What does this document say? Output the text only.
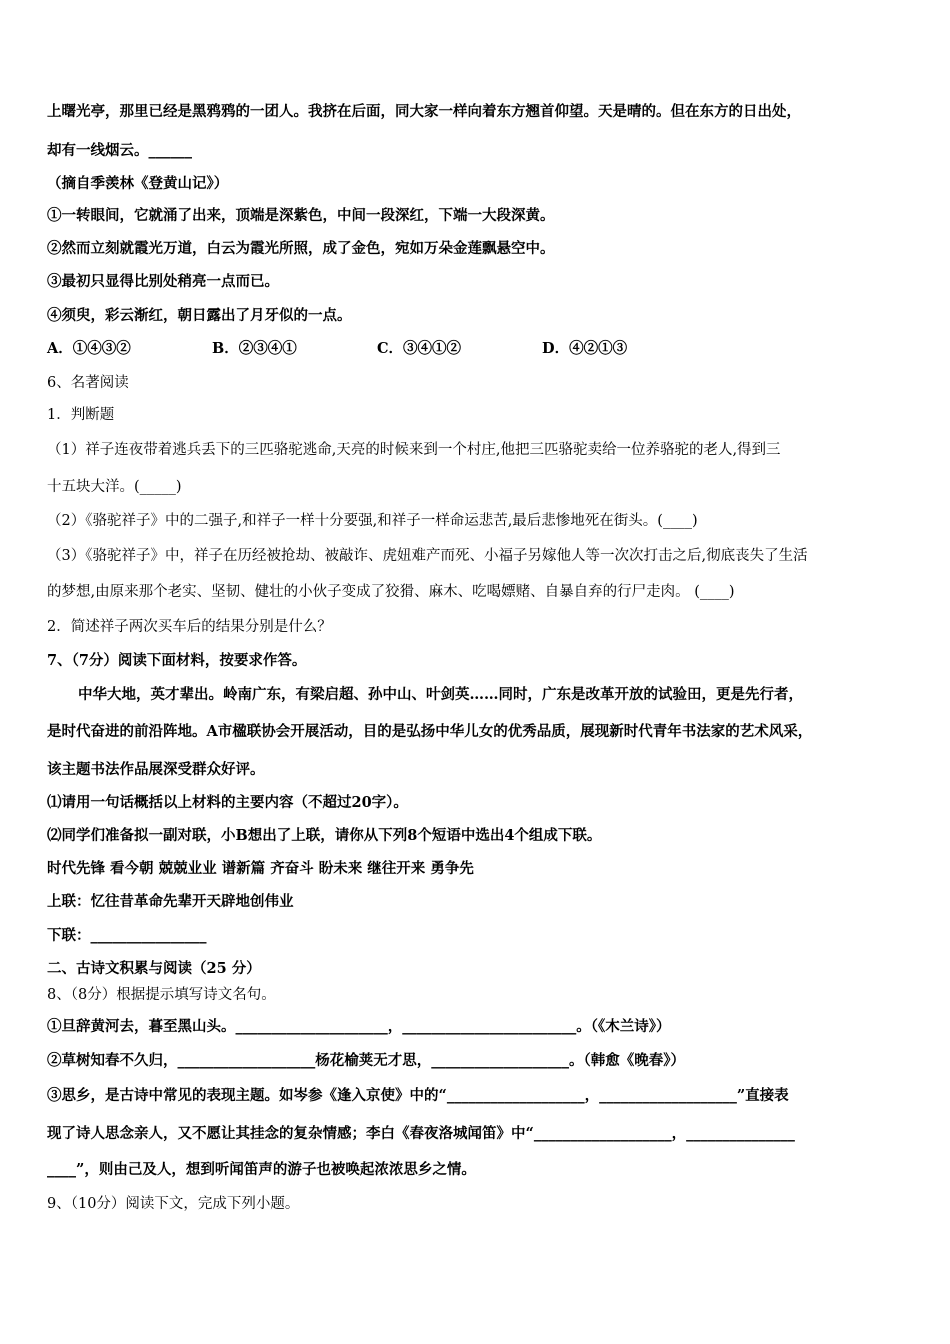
上曙光亭，那里已经是黑鸦鸦的一团人。我挤在后面，同大家一样向着东方翘首仰望。天是晴的。但在东方的日出处，
却有一线烟云。______
（摘自季羡林《登黄山记》）
①一转眼间，它就涌了出来，顶端是深紫色，中间一段深红，下端一大段深黄。
②然而立刻就霞光万道，白云为霞光所照，成了金色，宛如万朵金莲飘悬空中。
③最初只显得比别处稍亮一点而已。
④须臾，彩云渐红，朝日露出了月牙似的一点。
A．①④③②	B．②③④①	C．③④①②	D．④②①③
6、名著阅读
1．判断题
（1）祥子连夜带着逃兵丢下的三匹骆驼逃命,天亮的时候来到一个村庄,他把三匹骆驼卖给一位养骆驼的老人,得到三
十五块大洋。(_____)
（2）《骆驼祥子》中的二强子,和祥子一样十分要强,和祥子一样命运悲苦,最后悲惨地死在街头。(____)
（3）《骆驼祥子》中，祥子在历经被抢劫、被敲诈、虎妞难产而死、小福子另嫁他人等一次次打击之后,彻底丧失了生活
的梦想,由原来那个老实、坚韧、健壮的小伙子变成了狡猾、麻木、吃喝嫖赌、自暴自弃的行尸走肉。 (____)
2．简述祥子两次买车后的结果分别是什么？
7、（7分）阅读下面材料，按要求作答。
中华大地，英才辈出。岭南广东，有梁启超、孙中山、叶剑英……同时，广东是改革开放的试验田，更是先行者，
是时代奋进的前沿阵地。A市楹联协会开展活动，目的是弘扬中华儿女的优秀品质，展现新时代青年书法家的艺术风采，
该主题书法作品展深受群众好评。
⑴请用一句话概括以上材料的主要内容（不超过20字）。
⑵同学们准备拟一副对联，小B想出了上联，请你从下列8个短语中选出4个组成下联。
时代先锋 看今朝 兢兢业业 谱新篇 齐奋斗 盼未来 继往开来 勇争先
上联：忆往昔革命先辈开天辟地创伟业
下联：________________
二、古诗文积累与阅读（25 分）
8、（8分）根据提示填写诗文名句。
①旦辞黄河去，暮至黑山头。_____________________，________________________。（《木兰诗》）
②草树知春不久归，___________________杨花榆荚无才思，___________________。（韩愈《晚春》）
③思乡，是古诗中常见的表现主题。如岑参《逢入京使》中的“___________________，___________________”直接表
现了诗人思念亲人，又不愿让其挂念的复杂情感；李白《春夜洛城闻笛》中“___________________，_______________
____”，则由己及人，想到听闻笛声的游子也被唤起浓浓思乡之情。
9、（10分）阅读下文，完成下列小题。
